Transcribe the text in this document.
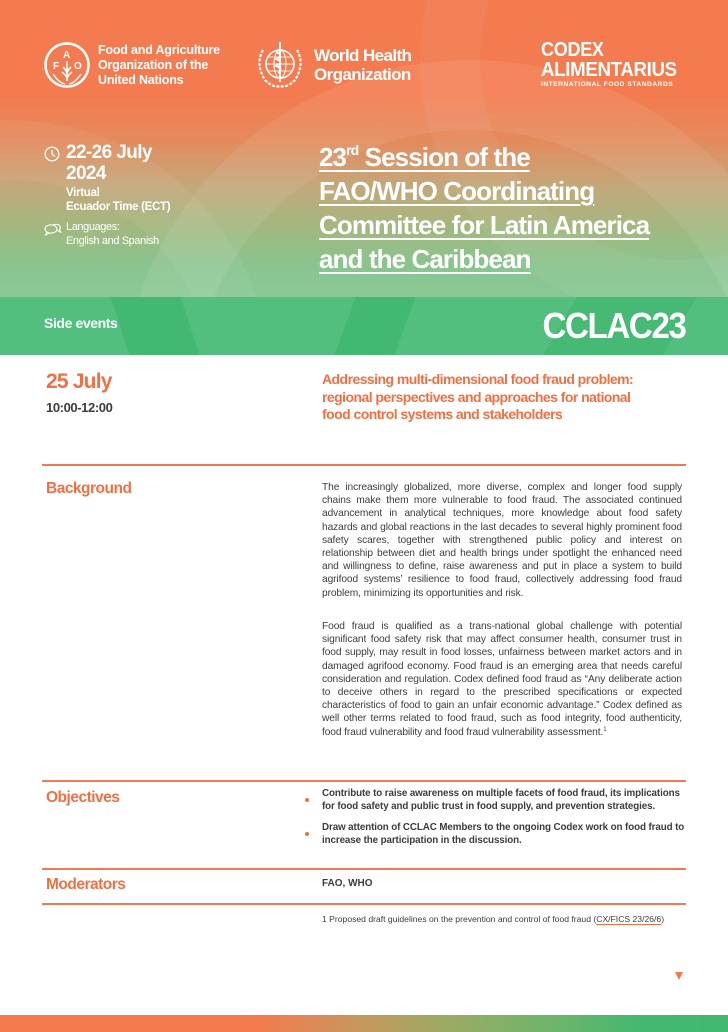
F
A
O
Food and Agriculture
Organization of the
United Nations
World Health
Organization
CODEX
ALIMENTARIUS
INTERNATIONAL FOOD STANDARDS
22-26 July
2024
Virtual
Ecuador Time (ECT)
Languages:
English and Spanish
23rd Session of the
FAO/WHO Coordinating
Committee for Latin America
and the Caribbean
Side events	CCLAC23
25 July
10:00-12:00
Addressing multi-dimensional food fraud problem: regional perspectives and approaches for national food control systems and stakeholders
Background	The increasingly globalized, more diverse, complex and longer food supply chains make them more vulnerable to food fraud. The associated continued advancement in analytical techniques, more knowledge about food safety hazards and global reactions in the last decades to several highly prominent food safety scares, together with strengthened public policy and interest on relationship between diet and health brings under spotlight the enhanced need and willingness to define, raise awareness and put in place a system to build agrifood systems’ resilience to food fraud, collectively addressing food fraud problem, minimizing its opportunities and risk.
Food fraud is qualified as a trans-national global challenge with potential significant food safety risk that may affect consumer health, consumer trust in food supply, may result in food losses, unfairness between market actors and in damaged agrifood economy. Food fraud is an emerging area that needs careful consideration and regulation. Codex defined food fraud as “Any deliberate action to deceive others in regard to the prescribed specifications or expected characteristics of food to gain an unfair economic advantage.” Codex defined as well other terms related to food fraud, such as food integrity, food authenticity, food fraud vulnerability and food fraud vulnerability assessment.$^1$
Objectives	Contribute to raise awareness on multiple facets of food fraud, its implications for food safety and public trust in food supply, and prevention strategies.
Draw attention of CCLAC Members to the ongoing Codex work on food fraud to increase the participation in the discussion.
Moderators	FAO, WHO
1 Proposed draft guidelines on the prevention and control of food fraud (CX/FICS 23/26/6)
